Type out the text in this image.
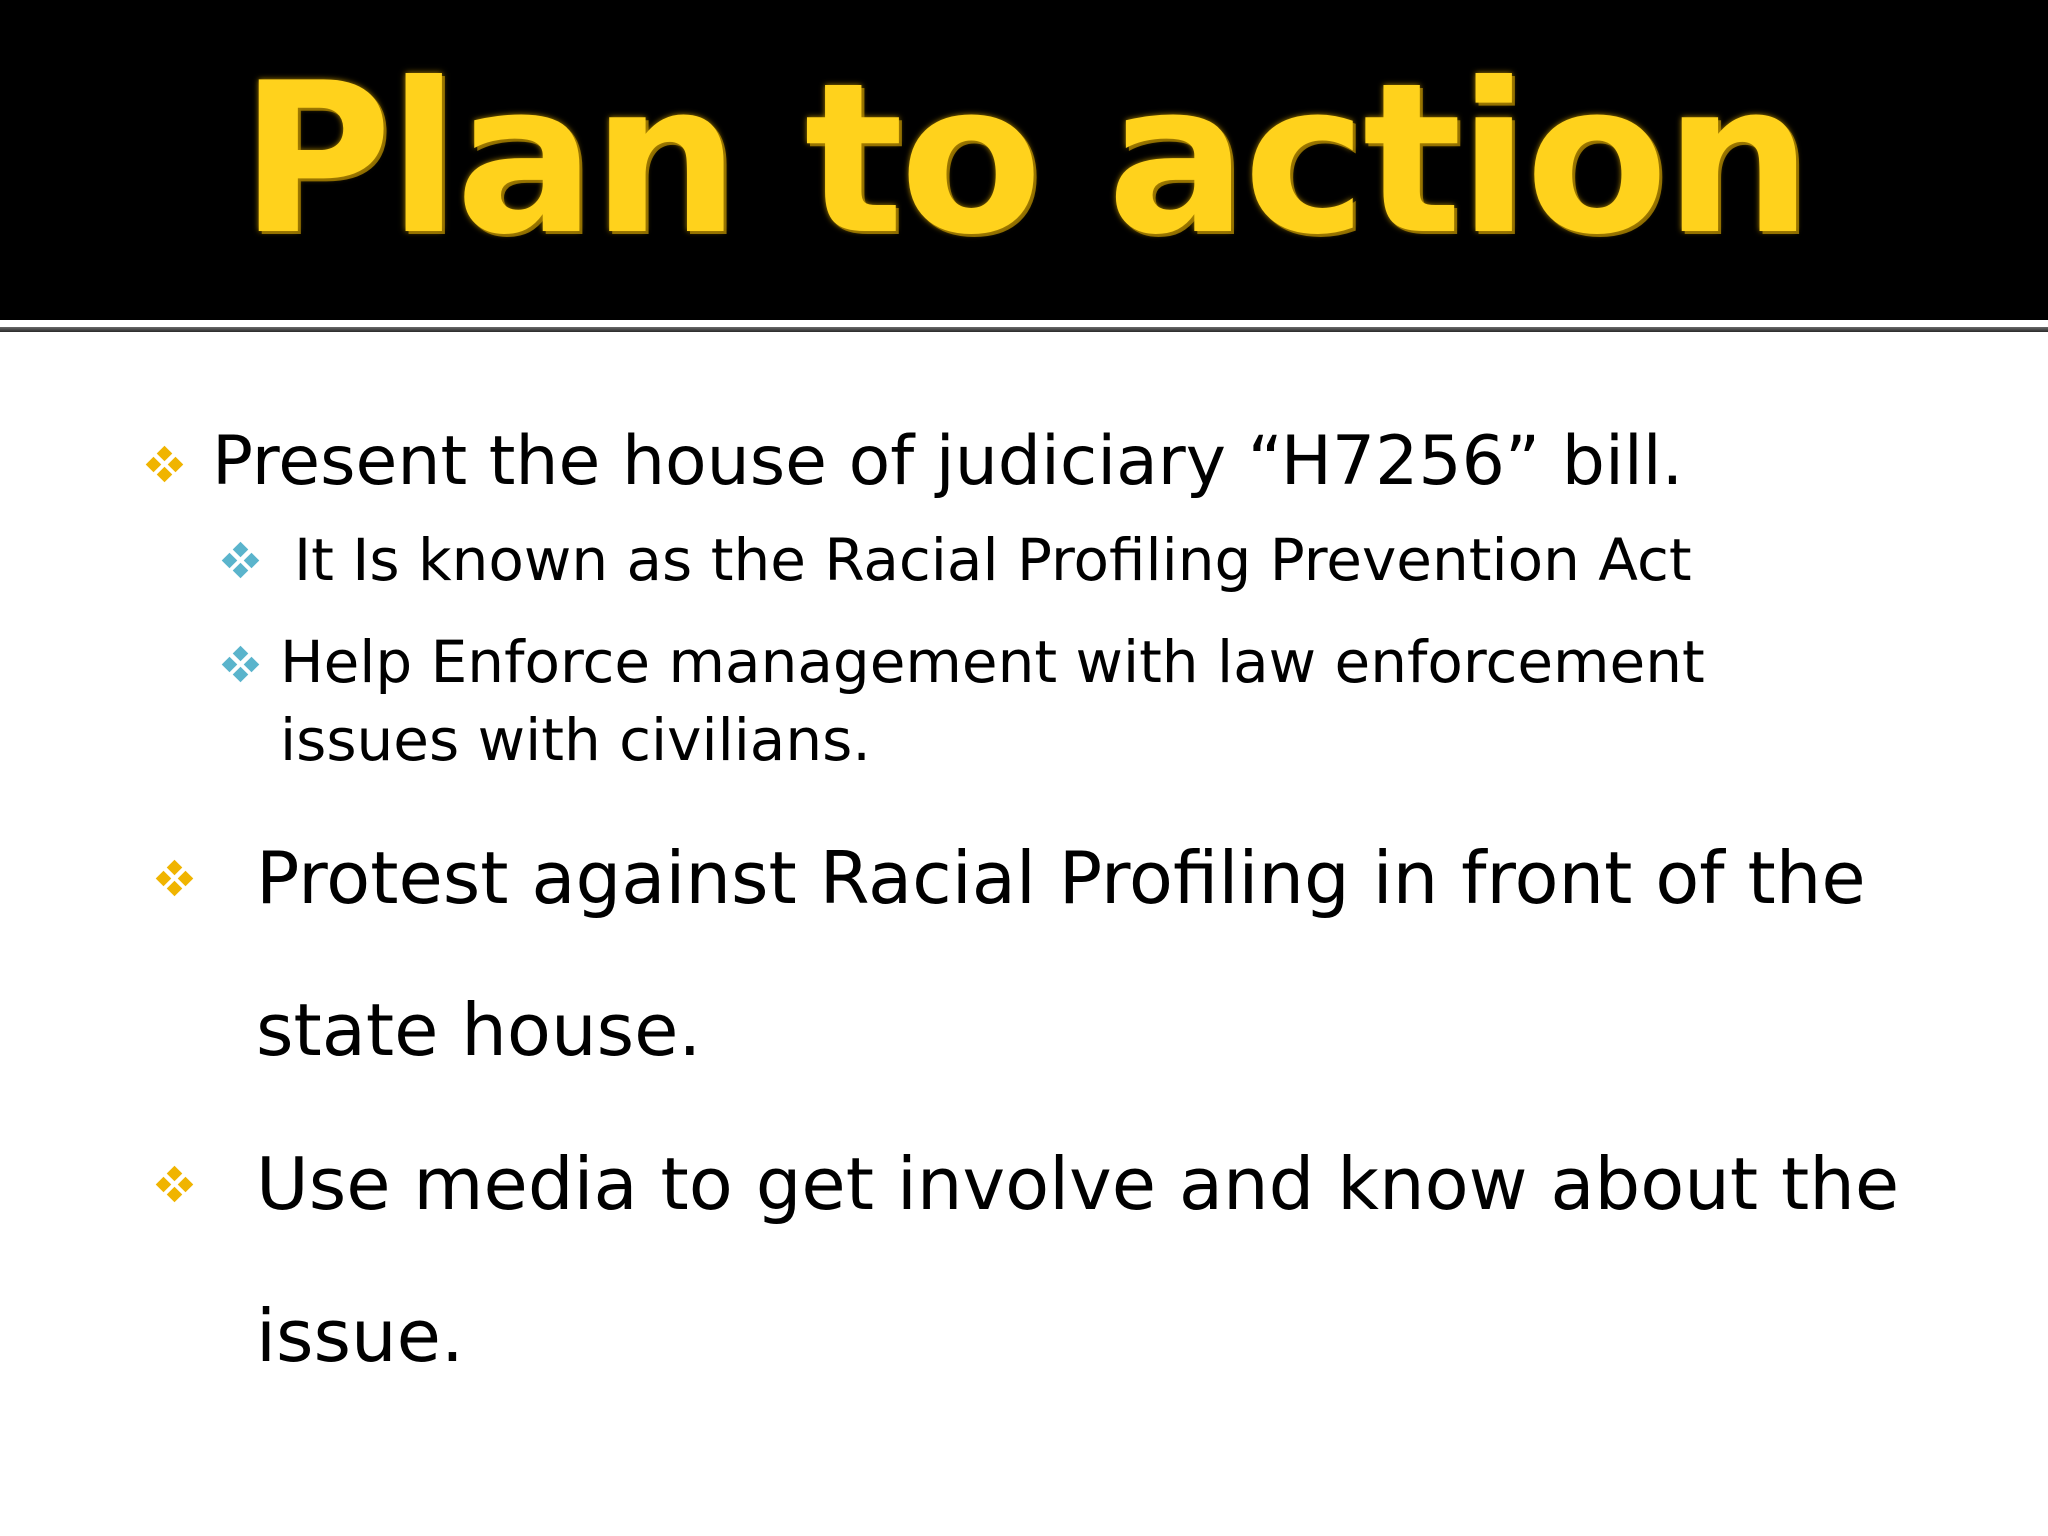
Plan to action
Present the house of judiciary “H7256” bill.
It Is known as the Racial Profiling Prevention Act
Help Enforce management with law enforcement
issues with civilians.
Protest against Racial Profiling in front of the
state house.
Use media to get involve and know about the
issue.
